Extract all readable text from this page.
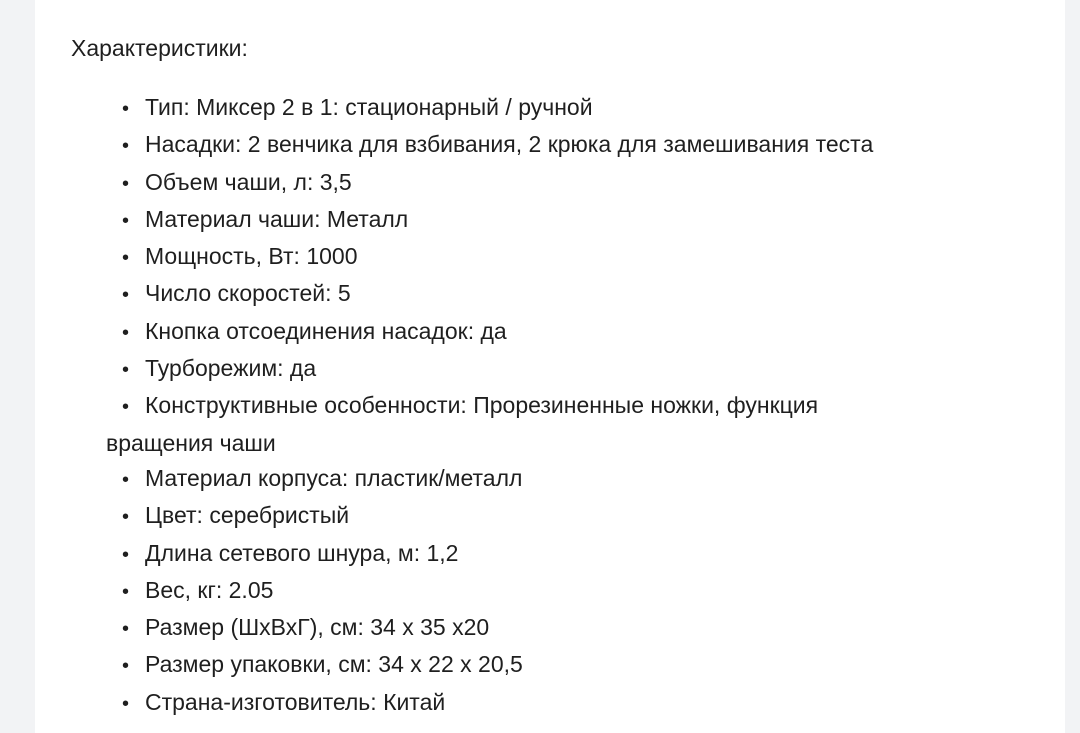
Характеристики:
• Тип: Миксер 2 в 1: стационарный / ручной
• Насадки: 2 венчика для взбивания, 2 крюка для замешивания теста
• Объем чаши, л: 3,5
• Материал чаши: Металл
• Мощность, Вт: 1000
• Число скоростей: 5
• Кнопка отсоединения насадок: да
• Турборежим: да
• Конструктивные особенности: Прорезиненные ножки, функция вращения чаши
• Материал корпуса: пластик/металл
• Цвет: серебристый
• Длина сетевого шнура, м: 1,2
• Вес, кг: 2.05
• Размер (ШхВхГ), см: 34 х 35 х20
• Размер упаковки, см: 34 х 22 х 20,5
• Страна-изготовитель: Китай
